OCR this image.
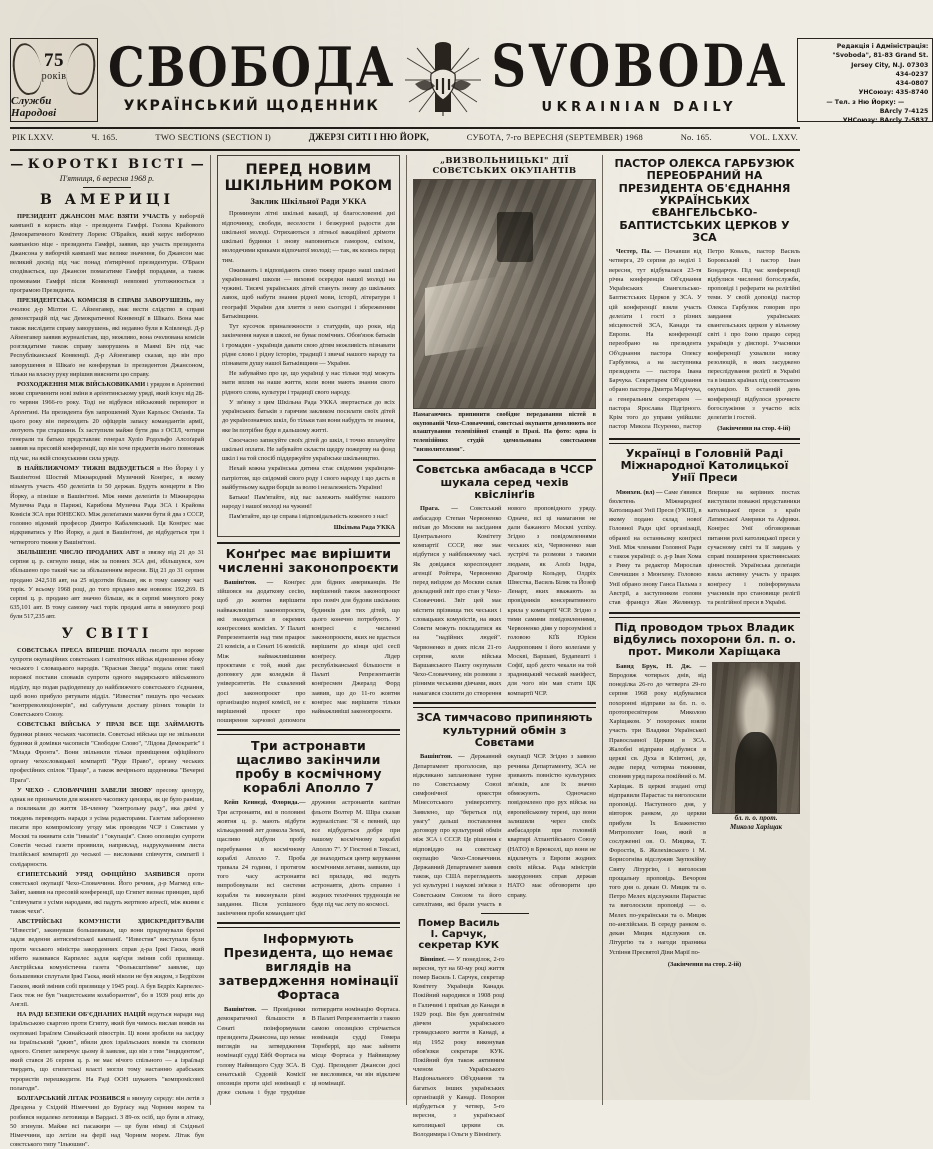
75
років
Служби Народові
СВОБОДА
УКРАЇНСЬКИЙ ЩОДЕННИК
SVOBODA
UKRAINIAN DAILY
Редакція і Адміністрація:
"Svoboda", 81-83 Grand St.
Jersey City, N.J. 07303
434-0237
434-0807
УНСоюзу: 435-8740
— Тел. з Ню Йорку: —
BArcly 7-4125
УНСоюзу: BArcly 7-5837
РІК LXXV.	Ч. 165.	TWO SECTIONS (SECTION I)	ДЖЕРЗІ СИТІ І НЮ ЙОРК,	СУБОТА, 7-го ВЕРЕСНЯ (SEPTEMBER) 1968	No. 165.	VOL. LXXV.
— КОРОТКІ ВІСТІ —
П'ятниця, 6 вересня 1968 р.
В АМЕРИЦІ

ПРЕЗИДЕНТ ДЖАНСОН МАЄ ВЗЯТИ УЧАСТЬ у виборчій кампанії в користь віце - президента Гамфрі. Голова Крайового Демократичного Комітету Лоренс О'Брайєн, який керує виборчою кампанією віце - президента Гамфрі, заявив, що участь президента Джансона у виборчій кампанії має велике значення, бо Джансон має великий досвід під час понад п'ятирічної президентури. О'Браєн сподівається, що Джансон помагатиме Гамфрі порадами, а також промовами Гамфрі після Конвенції невповні утотожнюється з програмою Президента.

ПРЕЗИДЕНТСЬКА КОМІСІЯ В СПРАВІ ЗАВОРУШЕНЬ, яку очолює д-р Мілтон С. Айзенгавер, має вести слідство в справі демонстрацій під час Демократичної Конвенції в Шікаґо. Вона має також вислідити справу заворушень, які недавно були в Клівленді. Д-р Айзенгавер заявив журналістам, що, можливо, вона очолювана комісія розглядатиме також справу заворушень в Маямі Біч під час Республіканської Конвенції. Д-р Айзенгавер сказав, що він про заворушення в Шікаґо не конферував із президентом Джансоном, тільки на власну руку вирішив вияснити цю справу.

РОЗХОДЖЕННЯ МІЖ ВІЙСЬКОВИКАМИ і урядом в Арґентині може спричинити нові зміни в арґентинському уряді, який існує від 28-го червня 1966-го року. Тоді не відбувся військовий переворот в Арґентині. На президента був запрошений Хуан Карльос Онґанія. Та цього року він переходить 20 офіцерів запасу командантів армії, лютують три старшини. Їх заступили майже бути два з ОСІЛ, чотири генерали та батько представляє генерал Хуліо Родольфо Алсоґарай заявив на пресовій конференції, що він хоче предметів нього повноваж під час, на якій спокуськими сила уряду.

В НАЙБЛИЖЧОМУ ТИЖНІ ВІДБУДЕТЬСЯ в Ню Йорку і у Вашінґтоні Шостий Міжнародний Музичний Конґрес, в якому візьмуть участь 450 делеґатів із 50 держав. Будуть концерти в Ню Йорку, а пізніше в Вашінґтоні. Між ними делеґатів із Міжнародна Музична Рада в Парижі, Карибова Музична Рада ЗСА і Крайова Комісія ЗСА при ЮНЕСКО. Між делеґатами маючи бути й два з СССР, головно відомий професор Дмитро Кабалевський. Ця Конґрес має відкриватись у Ню Йорку, а далі в Вашінґтоні, де відбудеться три і четвертого тижня у Вашінґтоні.

ЗБІЛЬШЕНЕ ЧИСЛО ПРОДАНИХ АВТ в звязку від 21 до 31 серпня ц. р. сягнуло вище, ніж за повних ЗСА дні, збільшувся, хоч збільшено про такий час за збільшенням вересня. Від 21 до 31 серпня продано 242,518 авт, на 25 відсотків більше, як в тому самому часі торік. У всьому 1968 році, до того продано вже нововоє 192,269. В серпні ц. р. продано авт значно більше, як в серпні минулого року 635,101 авт. В тому самому часі торік продані авта в минулого році були 517,235 авт.

У СВІТІ

СОВЄТСЬКА ПРЕСА ВПЕРШЕ ПОЧАЛА писати про вороже супроти окупаційних совєтських і сателітних військ відношення збоку чеського і словацького народів. "Красная Звезда" подала опис такої ворожої постави словаків супроти одного мадярського військового відділу, що подав радіодепешу до найближчого совєтського з'єднання, щоб воно прибуло рятувати відділ. "Известия" пишуть про чеських "контрреволюціонерів", які сабутували доставу різних товарів із Совєтського Союзу.

СОВЄТСЬКІ ВІЙСЬКА У ПРАЗІ ВСЕ ЩЕ ЗАЙМАЮТЬ будинки різних чеських часописів. Совєтські війська ще не звільнили будинки й домівки часописів "Свободне Слово", "Лідова Демократіє" і "Млада Фронта". Вони звільнили тільки приміщення офіційного органу чехословацької компартії "Руде Право", органу чеських професійних спілок "Праце", а також вечірнього щоденника "Вечерні Прага".

У ЧЕХО - СЛОВАЧЧИНІ ЗАВЕЛИ ЗНОВУ пресову цензуру, однак не призначили для кожного часопису цензора, як це було раніше, а покликали до життя 18-членну "контрольну раду", яка двічі у тиждень переводить наради з усіма редакторами. Газетам заборонено писати про компромісову угоду між проводом ЧСР і Совєтами у Москві та вживати слів "інвазія" і "окупація". Свою опозицію супроти Совєтів чеські газети проявили, наприклад, надрукуванням листа італійської компартії до чеської — висловами співчуття, симпатії і солідарности.

ЄГИПЕТСЬКИЙ УРЯД ОФІЦІЙНО ЗАЯВИВСЯ проти совєтської окупації Чехо-Словаччини. Його речник, д-р Магмед ель-Зайят, заявив на пресовій конференції, що Єгипет визнає принцип, щоб "співчувати з усіми народами, які падуть жертвою аґресії, між якими є також чехи".

АВСТРІЙСЬКІ КОМУНІСТИ ЗДИСКРЕДИТУВАЛИ "Известія", закинувши большевикам, що вони придумували брехні задля ведення антисемітської кампанії. "Известия" виступали були проти чеського міністра закордонних справ д-ра Іржі Гаєка, який нібито називався Карпелес задля кар'єри змінив собі призвище. Австрійська комуністична газета "Фольксштімме" заявляє, що большевики сплутали Іржі Гаєка, який ніколи не був жидом, з Бедріхом Гаєком, який змінив собі призвище у 1945 році. А був Бедріх Карпелес-Гаєк теж не був "нацистським колаборантом", бо в 1939 році втік до Англії.

НА РАДІ БЕЗПЕКИ ОБ'ЄДНАНИХ НАЦІЙ ведуться наради над ізраїльською скаргою проти Єгипту, який був чимось вислав вояків на окуповані Ізраїлем Синайський півострів. Ці вони зробили на засідку на ізраїльський "джип", вбили двох ізраїльських вояків та схопили одного. Єгипет заперечує цьому й заявляє, що він з тим "інцидентом", який стався 26 серпня ц. р. не має нічого спільного — а ізраїльці твердять, що єгипетські власті могли тому настанню арабських терористів перешкодити. На Раді ООН шукають "компромісової полагоди".

БОЛГАРСЬКИЙ ЛІТАК РОЗБИВСЯ в минулу середу: він летів з Дрездена у Східній Німеччині до Бурґасу над Чорним морем та розбився недалеко летовища в Вардасі. З 89-ох осіб, що були в літаку, 50 згинули. Майже всі пасажири — це були німці зі Східньої Німеччини, що летіли на ферії над Чорним морем. Літак був совєтського типу "Ільюшин".

ПЕРЕД НОВИМ ШКІЛЬНИМ РОКОМ
Заклик Шкільної Ради УККА

Проминули літні шкільні вакації, ці благословенні дні відпочинку, свободи, веселости і безжурної радости для шкільної молоді. Отряхаються з літньої вакаційної дрімоти шкільні будинки і знову наповняться гамором, сміхом, молодечими криками відпочатої молоді; — так, як колись перед тим.

Оживають і відповідають свою тяжку працю наші шкільні українознавчі школи — виховні осередки нашої молоді на чужині. Тисячі українських дітей стануть знову до шкільних лавок, щоб набути знання рідної мови, історії, літератури і географії України для злиття з нею сьогодні і збереженням Батьківщини.

Тут кусочок приналежности з статуднів, що роки, від закінчення науки в школі, не буває помічних. Обов'язок батьків і громадян - українців давати свою дітям можливість пізнавати рідне слово і рідну історію, традиції і звичаї нашого народу та пізнавати душу нашої Батьківщини — України.

Не забуваймо про це, що українці у нас тільки тоді можуть мати вплив на наше життя, коли вони мають знання свого рідного слова, культури і традиції свого народу.

У зв'язку з цим Шкільна Рада УККА звертається до всіх українських батьків з гарячим закликом посилати своїх дітей до українознавчих шкіл, бо тільки там вони набудуть те знання, яке їм потрібне буде в дальшому житті.

Своєчасно записуйте своїх дітей до шкіл, і точно вплачуйте шкільні оплати. Не забувайте скласти щедру пожертву на фонд шкіл і на той спосіб піддержуйте українське шкільництво.

Нехай кожна українська дитина стає свідомим українцем-патріотом, що свідомий свого роду і свого народу і що дасть в майбутньому кадри борців за волю і незалежність України!

Батьки! Пам'ятайте, від вас залежить майбутнє нашого народу і нашої молоді на чужині!

Пам'ятайте, що це справа і відповідальність кожного з нас!

Шкільна Рада УККА

Конґрес має вирішити численні законопроєкти

Вашінґтон. — Конґрес зійшовся на додаткову сесію, щоб до жовтня вирішити найважливіші законопроєкти, які знаходяться в окремих конґресових комісіях. У Палаті Репрезентантів над тим працює 21 комісія, а в Сенаті 16 комісій. Між найважливішими проєктами є той, який дає допомогу для коледжів й університетів. Не схвалений досі законопроєкт про організацію водної комісії, не є вирішений проєкт про поширення харчової допомоги для бідних американців. Не вирішений також законопроєкт про поміч для будови шкільних будинків для тих дітей, що цього конечно потребують. У конґресі є численні законопроєкти, яких не вдасться вирішити до кінця цієї сесії конґресу. Лідер республіканської більшости в Палаті Репрезентантів конґресмен Джералд Форд заявив, що до 11-го жовтня конґрес має вирішити тільки найважливіші законопроєкти.

Три астронавти щасливо закінчили пробу в космічному кораблі Аполло 7

Кейп Кеннеді, Флорида.— Три астронавти, які в половині жовтня ц. р. мають відбути кількаденний лет довкола Землі, щасливо відбули пробу перебування в космічному кораблі Аполло 7. Проба тривала 24 години, і протягом того часу астронавти випробовували всі системи корабля та виконували різні завдання. Після успішного закінчення проби командант цієї дружини астронавтів капітан фльоти Волтер М. Шіра сказав журналістам: "Я є певний, що все відбудеться добре при нашому космічному кораблі Аполло 7". У Гюстоні в Тексасі, де знаходиться центр керування космічними летами, заявили, що всі прилади, які ведуть астронавти, діють справно і жодних технічних труднощів не буде під час лету по космосі.

Інформують Президента, що немає виглядів на затвердження номінації Фортаса

Вашінґтон. — Провідники демократичної більшости в Сенаті поінформували президента Джансона, що немає виглядів на затвердження номінації судді Ейбі Фортаса на голову Найвищого Суду ЗСА. В сенатській Судовій Комісії опозиція проти цієї номінації є дуже сильна і буде трудніше потвердити номінацію Фортаса. В Палаті Репрезентантів з такою самою опозицією стрічається номінація судді Гомера Торнберрі, що має зайняти місце Фортаса у Найвищому Суді. Президент Джансон досі не висловився, чи він відкличе ці номінації.

„ВИЗВОЛЬНИЦЬКІ" ДІЇ СОВЄТСЬКИХ ОКУПАНТІВ
Намагаючись припинити свобідне передавання вістей в окупованій Чехо-Словаччині, совєтські окупанти демолюють все влаштування телевізійної станції в Празі. На фото: одна із телевізійних студій здемольована совєтськими "визволителями".
Совєтська амбасада в ЧССР шукала серед чехів квіслінґів

Прага. — Совєтський амбасадор Степан Червоненко виїхав до Москви на засідання Центрального Комітету компартії СССР, яке має відбутися у найближчому часі. Як довідався кореспондент агенції Ройтера, Червоненко перед виїздом до Москви склав докладний звіт про стан у Чехо-Словаччині. Звіт цей має містити прізвища тих чеських і словацьких комуністів, на яких Совєти можуть покладатися як на "надійних людей". Червоненко в днях після 21-го серпня, коли війська Варшавського Пакту окупували Чехо-Словаччину, вів розмови з різними чеськими діячами, яких намагався схилити до створення нового проповідного уряду. Одначе, всі ці намагання не дали бажаного Москві успіху. Згідно з повідомленнями чеських кіл, Червоненко мав зустрічі та розмови з такими людьми, як Алоїз Індра, Драгомір Кольдер, Олдріх Швестка, Василь Біляк та Йозеф Ленарт, яких вважають за провідників консервативного крила у компартії ЧСР. Згідно з тими самими повідомленнями, Червоненко діяв у порозумінні з головою КҐБ Юрієм Андроповим і його колеґами у Москві, Варшаві, Будапешті і Софії, щоб дехто чекали на той зрадницький чеський маніфест, для чого він мав стати ЦК компартії ЧСР.

ЗСА тимчасово припиняють культурний обмін з Совєтами

Вашінґтон. — Державний Департамент проголосив, що відкликано заплановане турне по Совєтському Союзі симфонічної оркестри Мінесотського університету. Заявлено, що "береться під увагу" дальші поставлення договору про культурний обмін між ЗСА і СССР. Це рішення є відповіддю на совєтську окупацію Чехо-Словаччини. Державний Департамент заявив також, що США переглядають усі культурні і наукові зв'язки з Совєтським Союзом та його сателітами, які брали участь в окупації ЧСР. Згідно з заявою речника Департаменту, ЗСА не зривають повністю культурних зв'язків, але їх значно обмежують. Одночасно повідомлено про рух військ на европейському терені, що вони залишили через своїх амбасадорів при головній квартирі Атлантійського Союзу (НАТО) в Брюкселі, що вони не відкличуть з Европи жодних своїх військ. Рада міністрів закордонних справ держав НАТО має обговорити цю справу.

Помер Василь І. Сарчук, секретар КУК

Вінніпеґ. — У понеділок, 2-го вересня, тут на 60-му році життя помер Василь І. Сарчук, секретар Комітету Українців Канади. Покійний народився в 1908 році в Галичині і приїхав до Канади в 1929 році. Він був довголітнім діячем українського громадського життя в Канаді, а від 1952 року виконував обов'язки секретаря КУК. Покійний був також активним членом Українського Національного Об'єднання та багатьох інших українських організацій у Канаді. Похорон відбудеться у четвер, 5-го вересня, з української католицької церкви св. Володимира і Ольги у Вінніпеґу.

ПАСТОР ОЛЕКСА ГАРБУЗЮК ПЕРЕОБРАНИЙ НА ПРЕЗИДЕНТА ОБ'ЄДНАННЯ УКРАЇНСЬКИХ ЄВАНГЕЛЬСЬКО-БАПТИСТСЬКИХ ЦЕРКОВ У ЗСА

Честер, Па. — Почавши від четверга, 29 серпня до неділі 1 вересня, тут відбувалася 23-тя річна конференція Об'єднання Українських Євангельсько-Баптистських Церков у ЗСА. У цій конференції взяли участь делеґати і гості з різних місцевостей ЗСА, Канади та Европи. На конференції переобрано на президента Об'єднання пастора Олексу Гарбузюка, а на заступника президента — пастора Івана Барчука. Секретарем Об'єднання обрано пастора Дмитра Марічука, а генеральним секретарем — пастора Ярослава Підгірного. Крім того до управи увійшли: пастор Микола Псуренко, пастор Петро Коваль, пастор Василь Боровський і пастор Іван Бондарчук. Під час конференції відбулися численні богослужби, проповіді і реферати на релігійні теми. У своїй доповіді пастор Олекса Гарбузюк говорив про завдання українських євангельських церков у вільному світі і про їхню працю серед українців у діяспорі. Учасники конференції ухвалили низку резолюцій, в яких засуджено переслідування релігії в Україні та в інших країнах під совєтською окупацією. В останній день конференції відбулося урочисте богослужіння з участю всіх делеґатів і гостей.

(Закінчення на стор. 4-ій)
Українці в Головній Раді Міжнародної Католицької Унії Преси

Мюнхен. (вл) — Саме з'явився бюлетень Міжнародної Католицької Унії Преси (УКІП), в якому подано склад нової Головної Ради цієї організації, обраної на останньому конґресі Унії. Між членами Головної Ради є також українці: о. д-р Іван Хома з Риму та редактор Мирослав Семчишин з Мюнхену. Головою Унії обрано знову Ганса Пальма з Австрії, а заступником голови став француз Жан Желянкур. Вперше на керівних постах виступили поважні представники католицької преси з країн Латинської Америки та Африки. Конґрес Унії обговорював питання ролі католицької преси у сучасному світі та її завдань у справі поширення християнських цінностей. Українська делеґація взяла активну участь у працях конґресу і поінформувала учасників про становище релігії та релігійної преси в Україні.

Під проводом трьох Владик відбулись похорони бл. п. о. прот. Миколи Харіщака

Бавнд Брук, Н. Дж. — Впродовж чотирьох днів, від понеділка 26-го до четверга 29-го серпня 1968 року відбувалися похоронні відправи за бл. п. о. протопресвітером Миколою Харіщаком. У похоронах взяли участь три Владики Української Православної Церкви в ЗСА. Жалобні відправи відбулися в церкві св. Духа в Клівтоні, де, ледве перед чотирма тижнями, сповняв уряд пароха покійний о. М. Харіщак. В церкві згадані отці відправили Парастас та виголосили проповіді. Наступного дня, у вівторок ранком, до церкви прибули Їх Блаженство Митрополит Іоан, який в сослуженні ов. О. Мицика, Т. Форостія, Б. Желехівського і М. Борисогніва відслужив Заупокійну Святу Літургію, і виголосив прощальну проповідь. Вечором того дня о. декан О. Мицик та о. Петро Мелех відслужили Парастас та виголосили проповіді — о. Мелех по-українськи та о. Мицик по-англійськи. В середу ранком о. декан Мицик відслужив св. Літургію та з нагоди празника Успіння Пресвятої Діви Марії по-

бл. п. о. прот.
Микола Харіщак
(Закінчення на стор. 2-ій)
